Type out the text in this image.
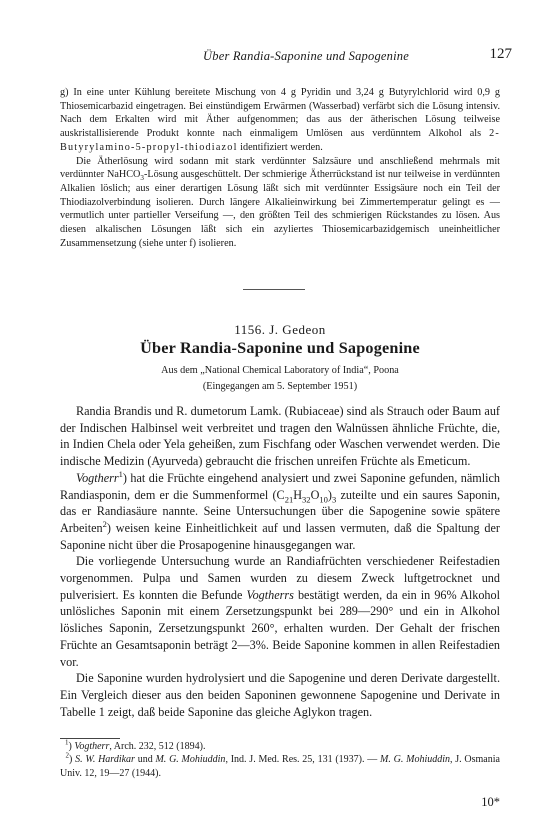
Über Randia-Saponine und Sapogenine	127

g) In eine unter Kühlung bereitete Mischung von 4 g Pyridin und 3,24 g Butyrylchlorid wird 0,9 g Thiosemicarbazid eingetragen. Bei einstündigem Erwärmen (Wasserbad) verfärbt sich die Lösung intensiv. Nach dem Erkalten wird mit Äther aufgenommen; das aus der ätherischen Lösung teilweise auskristallisierende Produkt konnte nach einmaligem Umlösen aus verdünntem Alkohol als 2-Butyrylamino-5-propyl-thiodiazol identifiziert werden.

Die Ätherlösung wird sodann mit stark verdünnter Salzsäure und anschließend mehrmals mit verdünnter NaHCO$_3$-Lösung ausgeschüttelt. Der schmierige Ätherrückstand ist nur teilweise in verdünnten Alkalien löslich; aus einer derartigen Lösung läßt sich mit verdünnter Essigsäure noch ein Teil der Thiodiazolverbindung isolieren. Durch längere Alkalieinwirkung bei Zimmertemperatur gelingt es — vermutlich unter partieller Verseifung —, den größten Teil des schmierigen Rückstandes zu lösen. Aus diesen alkalischen Lösungen läßt sich ein azyliertes Thiosemicarbazidgemisch uneinheitlicher Zusammensetzung (siehe unter f) isolieren.

1156. J. Gedeon
Über Randia-Saponine und Sapogenine
Aus dem „National Chemical Laboratory of India“, Poona
(Eingegangen am 5. September 1951)

Randia Brandis und R. dumetorum Lamk. (Rubiaceae) sind als Strauch oder Baum auf der Indischen Halbinsel weit verbreitet und tragen den Walnüssen ähnliche Früchte, die, in Indien Chela oder Yela geheißen, zum Fischfang oder Waschen verwendet werden. Die indische Medizin (Ayurveda) gebraucht die frischen unreifen Früchte als Emeticum.

Vogtherr$^1$) hat die Früchte eingehend analysiert und zwei Saponine gefunden, nämlich Randiasponin, dem er die Summenformel $(C_{21}H_{32}O_{10})_3$ zuteilte und ein saures Saponin, das er Randiasäure nannte. Seine Untersuchungen über die Sapogenine sowie spätere Arbeiten$^2$) weisen keine Einheitlichkeit auf und lassen vermuten, daß die Spaltung der Saponine nicht über die Prosapogenine hinausgegangen war.

Die vorliegende Untersuchung wurde an Randiafrüchten verschiedener Reifestadien vorgenommen. Pulpa und Samen wurden zu diesem Zweck luftgetrocknet und pulverisiert. Es konnten die Befunde Vogtherrs bestätigt werden, da ein in 96% Alkohol unlösliches Saponin mit einem Zersetzungspunkt bei 289—290° und ein in Alkohol lösliches Saponin, Zersetzungspunkt 260°, erhalten wurden. Der Gehalt der frischen Früchte an Gesamtsaponin beträgt 2—3%. Beide Saponine kommen in allen Reifestadien vor.

Die Saponine wurden hydrolysiert und die Sapogenine und deren Derivate dargestellt. Ein Vergleich dieser aus den beiden Saponinen gewonnene Sapogenine und Derivate in Tabelle 1 zeigt, daß beide Saponine das gleiche Aglykon tragen.

$^1$) Vogtherr, Arch. 232, 512 (1894).

$^2$) S. W. Hardikar und M. G. Mohiuddin, Ind. J. Med. Res. 25, 131 (1937). — M. G. Mohiuddin, J. Osmania Univ. 12, 19—27 (1944).

10*
